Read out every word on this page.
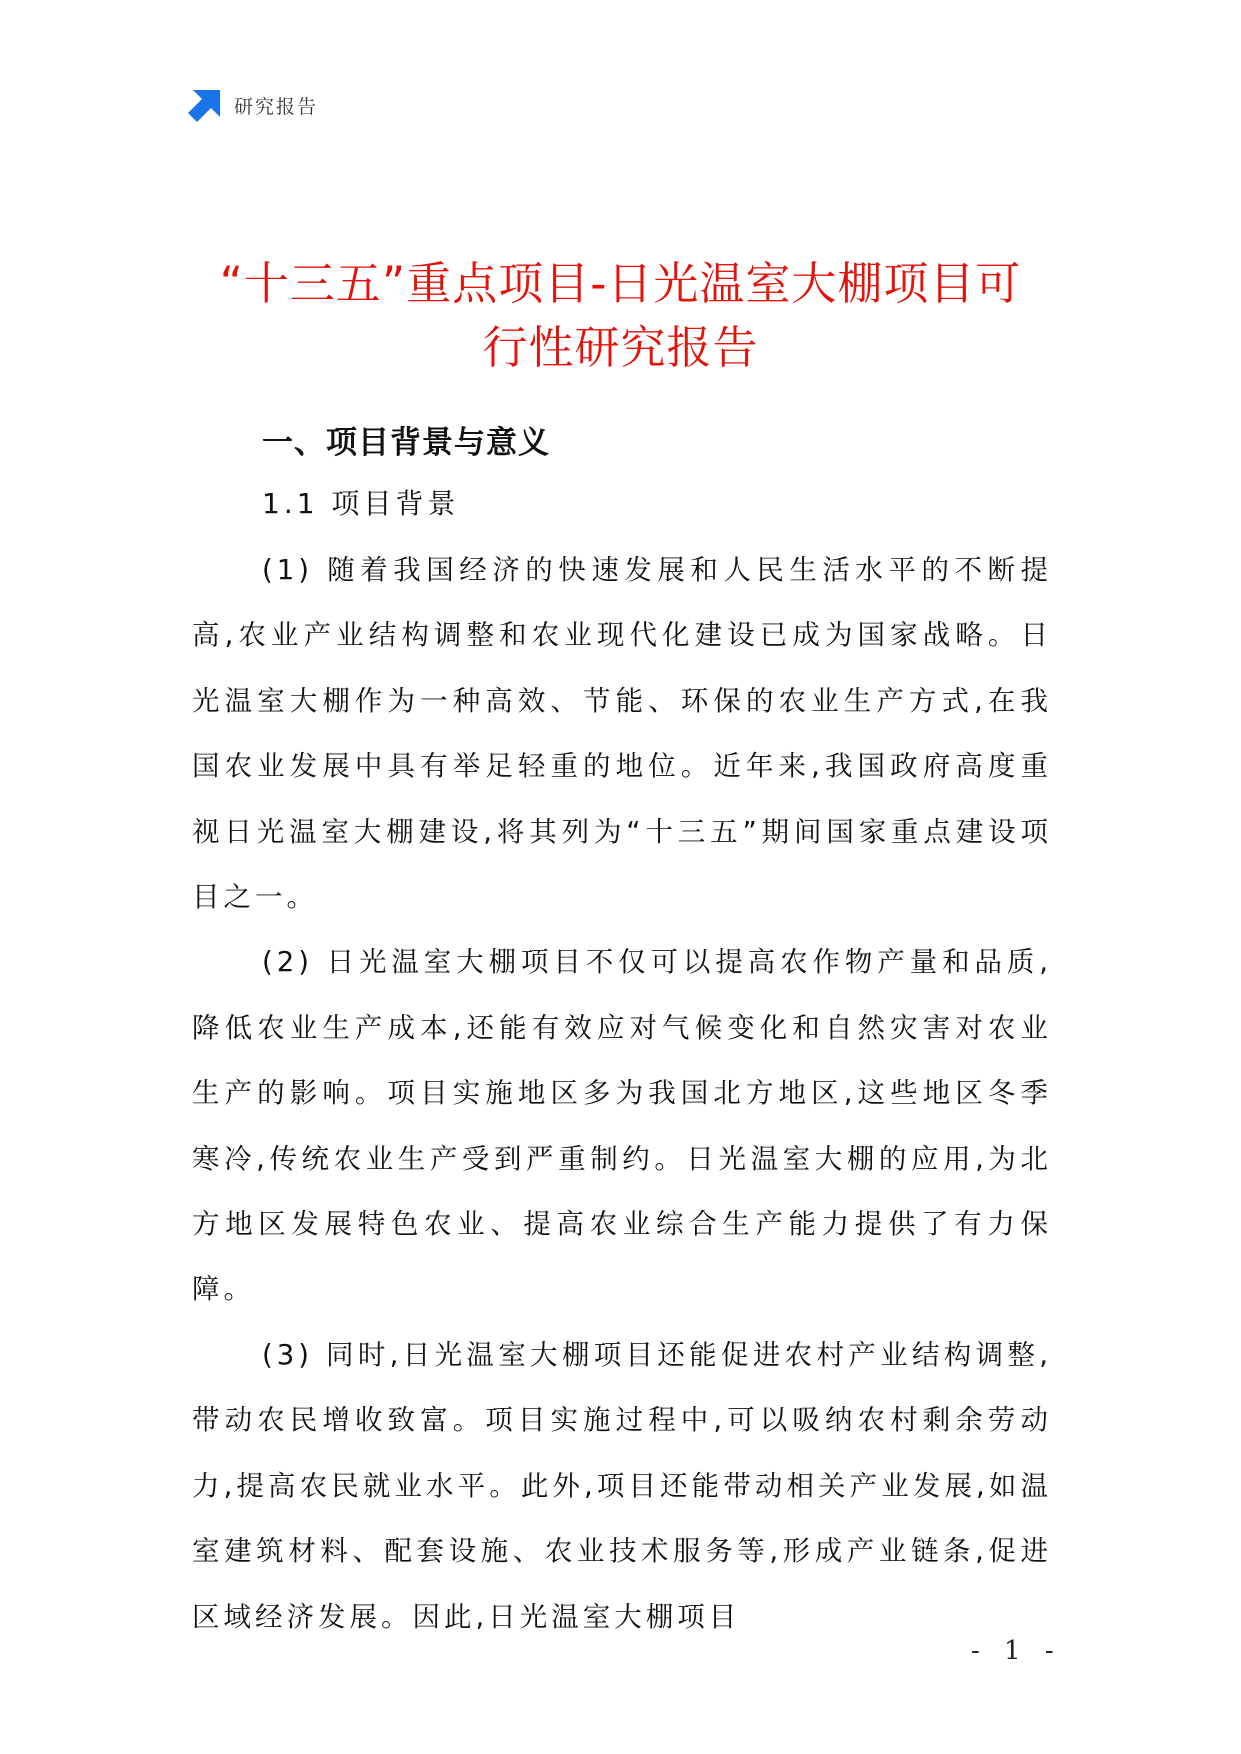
研究报告
“十三五”重点项目-日光温室大棚项目可
行性研究报告
一、项目背景与意义
1.1 项目背景

(1) 随着我国经济的快速发展和人民生活水平的不断提高,农业产业结构调整和农业现代化建设已成为国家战略。日光温室大棚作为一种高效、节能、环保的农业生产方式,在我国农业发展中具有举足轻重的地位。近年来,我国政府高度重视日光温室大棚建设,将其列为“十三五”期间国家重点建设项目之一。

(2) 日光温室大棚项目不仅可以提高农作物产量和品质,降低农业生产成本,还能有效应对气候变化和自然灾害对农业生产的影响。项目实施地区多为我国北方地区,这些地区冬季寒冷,传统农业生产受到严重制约。日光温室大棚的应用,为北方地区发展特色农业、提高农业综合生产能力提供了有力保障。

(3) 同时,日光温室大棚项目还能促进农村产业结构调整,带动农民增收致富。项目实施过程中,可以吸纳农村剩余劳动力,提高农民就业水平。此外,项目还能带动相关产业发展,如温室建筑材料、配套设施、农业技术服务等,形成产业链条,促进区域经济发展。因此,日光温室大棚项目

- 1 -
